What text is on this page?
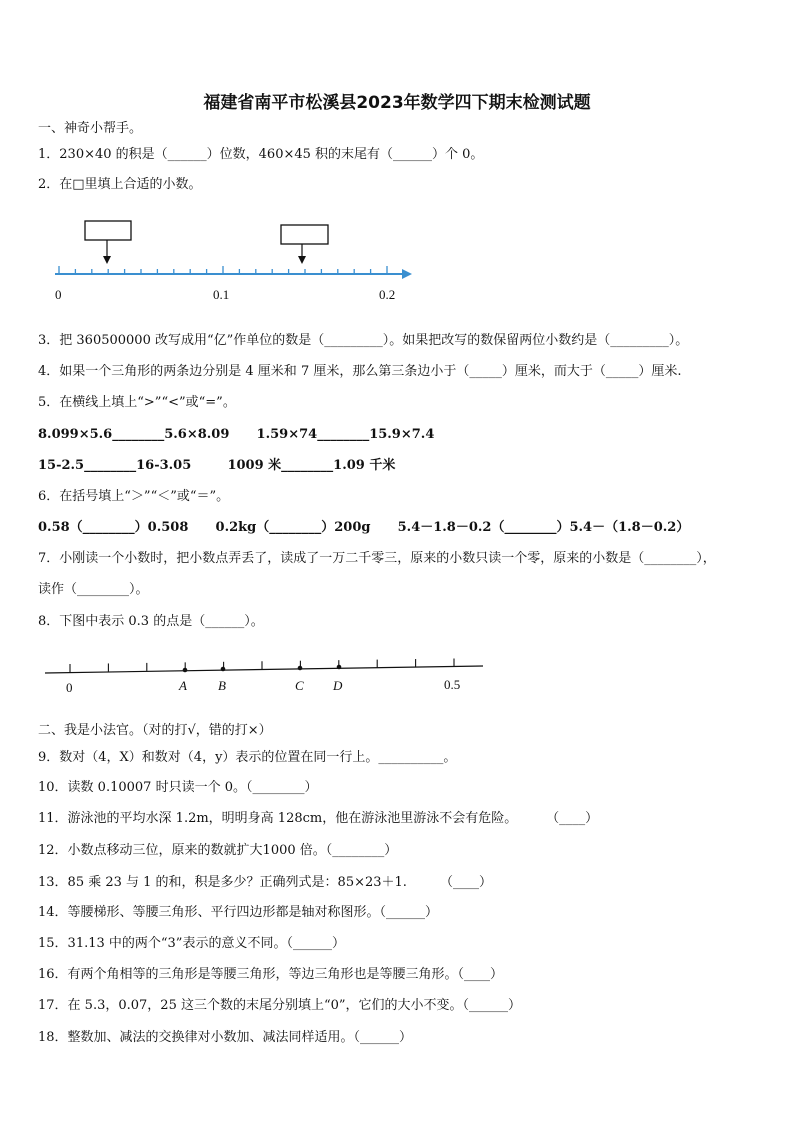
福建省南平市松溪县2023年数学四下期末检测试题
一、神奇小帮手。
1．230×40 的积是（______）位数，460×45 积的末尾有（______）个 0。
2．在□里填上合适的小数。
0	0.1	0.2
3．把 360500000 改写成用“亿”作单位的数是（_________）。如果把改写的数保留两位小数约是（_________）。
4．如果一个三角形的两条边分别是 4 厘米和 7 厘米，那么第三条边小于（_____）厘米，而大于（_____）厘米.
5．在横线上填上“>”“<”或“=”。
8.099×5.6________5.6×8.09      1.59×74________15.9×7.4
15-2.5________16-3.05        1009 米________1.09 千米
6．在括号填上“＞”“＜”或“＝”。
0.58（________）0.508      0.2kg（________）200g      5.4－1.8－0.2（________）5.4－（1.8－0.2）
7．小刚读一个小数时，把小数点弄丢了，读成了一万二千零三，原来的小数只读一个零，原来的小数是（________），
读作（________）。
8．下图中表示 0.3 的点是（______）。
0	A B	C D	0.5
二、我是小法官。（对的打√，错的打×）
9．数对（4，X）和数对（4，y）表示的位置在同一行上。__________。
10．读数 0.10007 时只读一个 0。（________）
11．游泳池的平均水深 1.2m，明明身高 128cm，他在游泳池里游泳不会有危险。       （____）
12．小数点移动三位，原来的数就扩大1000 倍。（________）
13．85 乘 23 与 1 的和，积是多少？正确列式是：85×23＋1.        （____）
14．等腰梯形、等腰三角形、平行四边形都是轴对称图形。（______）
15．31.13 中的两个“3”表示的意义不同。（______）
16．有两个角相等的三角形是等腰三角形，等边三角形也是等腰三角形。（____）
17．在 5.3，0.07，25 这三个数的末尾分别填上“0”，它们的大小不变。（______）
18．整数加、减法的交换律对小数加、减法同样适用。（______）
